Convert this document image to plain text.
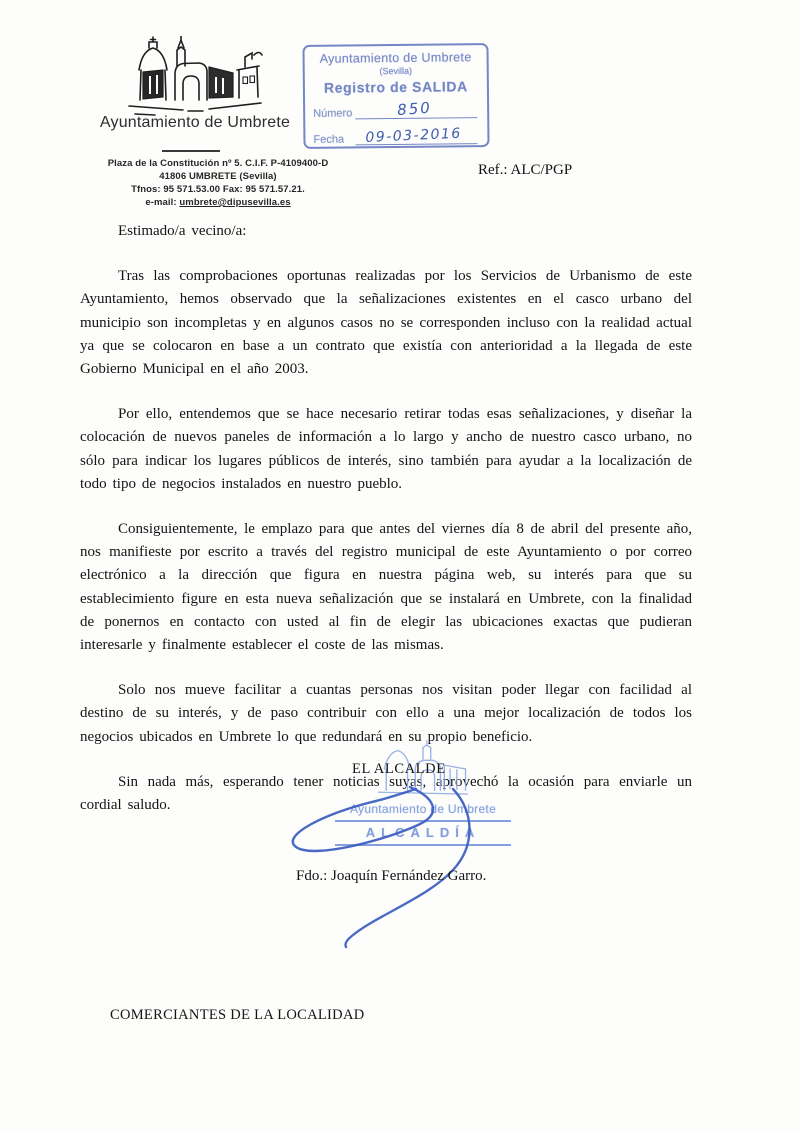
Ayuntamiento de Umbrete
Plaza de la Constitución nº 5. C.I.F. P-4109400-D
41806 UMBRETE (Sevilla)
Tfnos: 95 571.53.00 Fax: 95 571.57.21.
e-mail: umbrete@dipusevilla.es
Ayuntamiento de Umbrete
(Sevilla)
Registro de SALIDA
Número	850
Fecha 09-03-2016
Ref.: ALC/PGP
Estimado/a vecino/a:

Tras las comprobaciones oportunas realizadas por los Servicios de Urbanismo de este Ayuntamiento, hemos observado que la señalizaciones existentes en el casco urbano del municipio son incompletas y en algunos casos no se corresponden incluso con la realidad actual ya que se colocaron en base a un contrato que existía con anterioridad a la llegada de este Gobierno Municipal en el año 2003.

Por ello, entendemos que se hace necesario retirar todas esas señalizaciones, y diseñar la colocación de nuevos paneles de información a lo largo y ancho de nuestro casco urbano, no sólo para indicar los lugares públicos de interés, sino también para ayudar a la localización de todo tipo de negocios instalados en nuestro pueblo.

Consiguientemente, le emplazo para que antes del viernes día 8 de abril del presente año, nos manifieste por escrito a través del registro municipal de este Ayuntamiento o por correo electrónico a la dirección que figura en nuestra página web, su interés para que su establecimiento figure en esta nueva señalización que se instalará en Umbrete, con la finalidad de ponernos en contacto con usted al fin de elegir las ubicaciones exactas que pudieran interesarle y finalmente establecer el coste de las mismas.

Solo nos mueve facilitar a cuantas personas nos visitan poder llegar con facilidad al destino de su interés, y de paso contribuir con ello a una mejor localización de todos los negocios ubicados en Umbrete lo que redundará en su propio beneficio.

Sin nada más, esperando tener noticias suyas, aprovechó la ocasión para enviarle un cordial saludo.

EL ALCALDE
Ayuntamiento de Umbrete
ALCALDÍA
Fdo.: Joaquín Fernández Garro.
COMERCIANTES DE LA LOCALIDAD
